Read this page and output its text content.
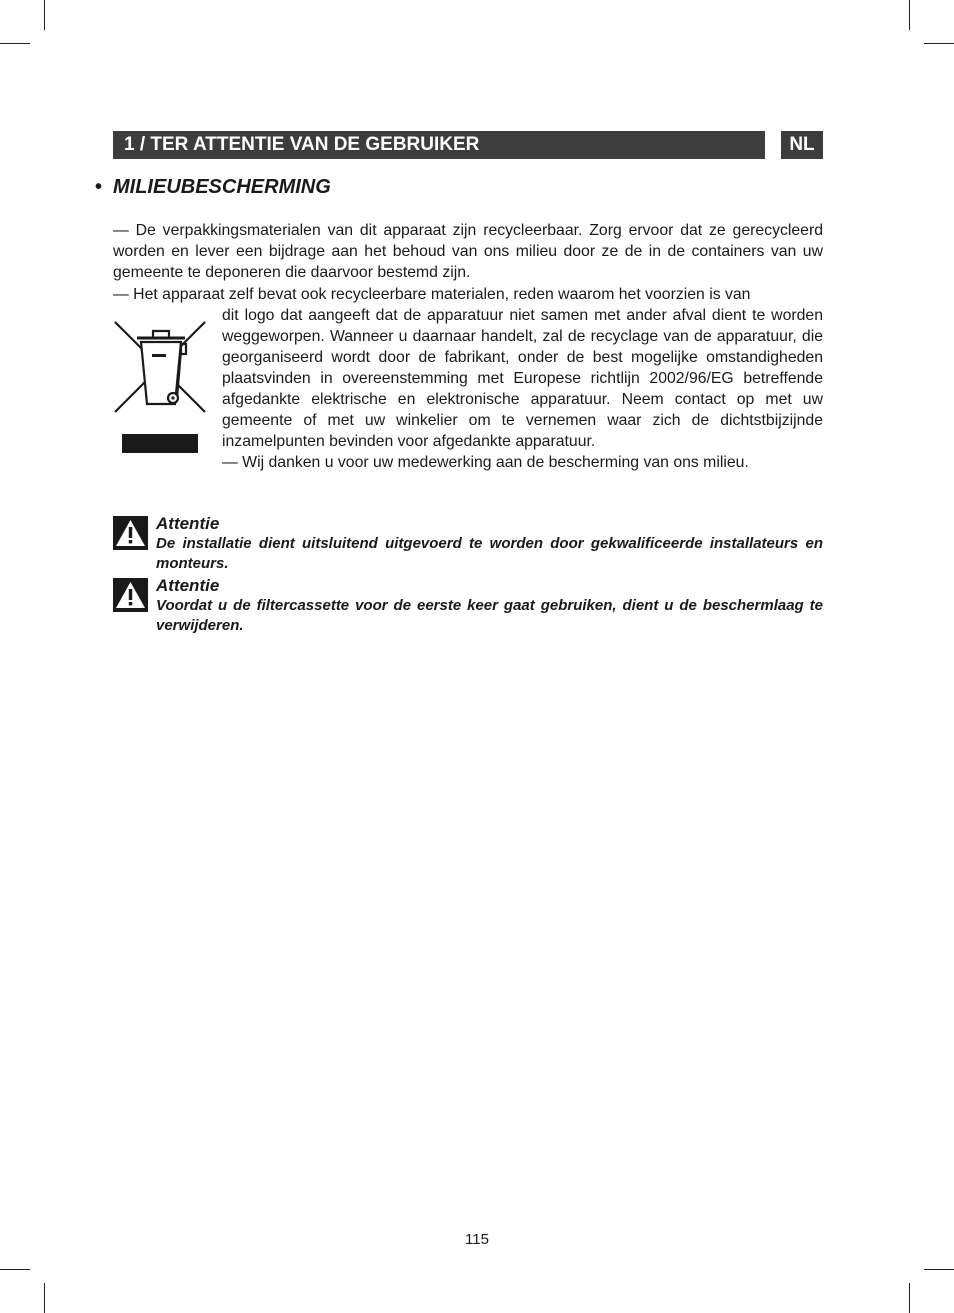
1 / TER ATTENTIE VAN DE GEBRUIKER	NL
• MILIEUBESCHERMING

— De verpakkingsmaterialen van dit apparaat zijn recycleerbaar. Zorg ervoor dat ze gerecycleerd worden en lever een bijdrage aan het behoud van ons milieu door ze de in de containers van uw gemeente te deponeren die daarvoor bestemd zijn.

— Het apparaat zelf bevat ook recycleerbare materialen, reden waarom het voorzien is van

dit logo dat aangeeft dat de apparatuur niet samen met ander afval dient te worden weggeworpen. Wanneer u daarnaar handelt, zal de recyclage van de apparatuur, die georganiseerd wordt door de fabrikant, onder de best mogelijke omstandigheden plaatsvinden in overeenstemming met Europese richtlijn 2002/96/EG betreffende afgedankte elektrische en elektronische apparatuur. Neem contact op met uw gemeente of met uw winkelier om te vernemen waar zich de dichtstbijzijnde inzamelpunten bevinden voor afgedankte apparatuur.

— Wij danken u voor uw medewerking aan de bescherming van ons milieu.

Attentie
De installatie dient uitsluitend uitgevoerd te worden door gekwalificeerde installateurs en monteurs.
Attentie
Voordat u de filtercassette voor de eerste keer gaat gebruiken, dient u de beschermlaag te verwijderen.
115
